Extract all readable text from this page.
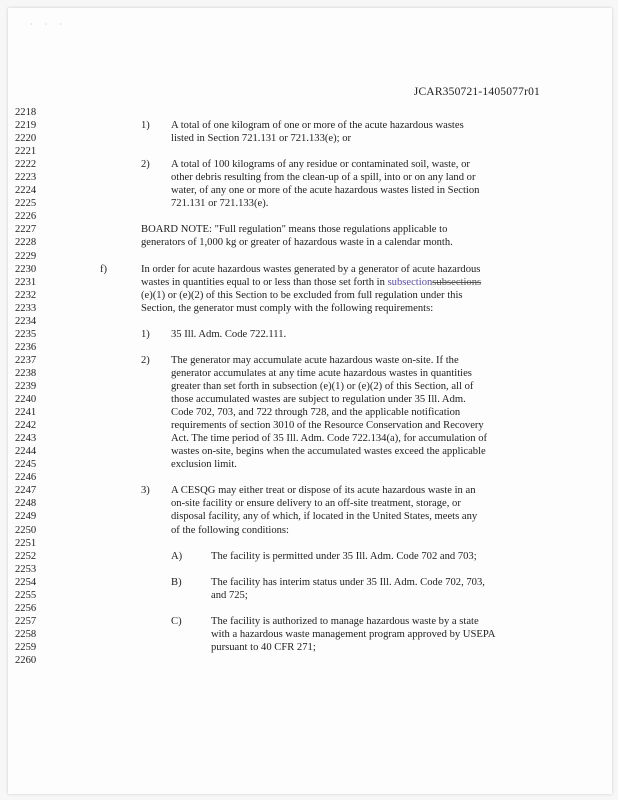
· · ·
JCAR350721-1405077r01
2218
2219	1) A total of one kilogram of one or more of the acute hazardous wastes
2220	listed in Section 721.131 or 721.133(e); or
2221
2222	2) A total of 100 kilograms of any residue or contaminated soil, waste, or
2223	other debris resulting from the clean-up of a spill, into or on any land or
2224	water, of any one or more of the acute hazardous wastes listed in Section
2225	721.131 or 721.133(e).
2226
2227	BOARD NOTE: "Full regulation" means those regulations applicable to
2228	generators of 1,000 kg or greater of hazardous waste in a calendar month.
2229
2230	f)	In order for acute hazardous wastes generated by a generator of acute hazardous
2231	wastes in quantities equal to or less than those set forth in subsectionsubsections
2232	(e)(1) or (e)(2) of this Section to be excluded from full regulation under this
2233	Section, the generator must comply with the following requirements:
2234
2235	1) 35 Ill. Adm. Code 722.111.
2236
2237	2) The generator may accumulate acute hazardous waste on-site. If the
2238	generator accumulates at any time acute hazardous wastes in quantities
2239	greater than set forth in subsection (e)(1) or (e)(2) of this Section, all of
2240	those accumulated wastes are subject to regulation under 35 Ill. Adm.
2241	Code 702, 703, and 722 through 728, and the applicable notification
2242	requirements of section 3010 of the Resource Conservation and Recovery
2243	Act. The time period of 35 Ill. Adm. Code 722.134(a), for accumulation of
2244	wastes on-site, begins when the accumulated wastes exceed the applicable
2245	exclusion limit.
2246
2247	3) A CESQG may either treat or dispose of its acute hazardous waste in an
2248	on-site facility or ensure delivery to an off-site treatment, storage, or
2249	disposal facility, any of which, if located in the United States, meets any
2250	of the following conditions:
2251
2252	A)	The facility is permitted under 35 Ill. Adm. Code 702 and 703;
2253
2254	B)	The facility has interim status under 35 Ill. Adm. Code 702, 703,
2255	and 725;
2256
2257	C)	The facility is authorized to manage hazardous waste by a state
2258	with a hazardous waste management program approved by USEPA
2259	pursuant to 40 CFR 271;
2260
